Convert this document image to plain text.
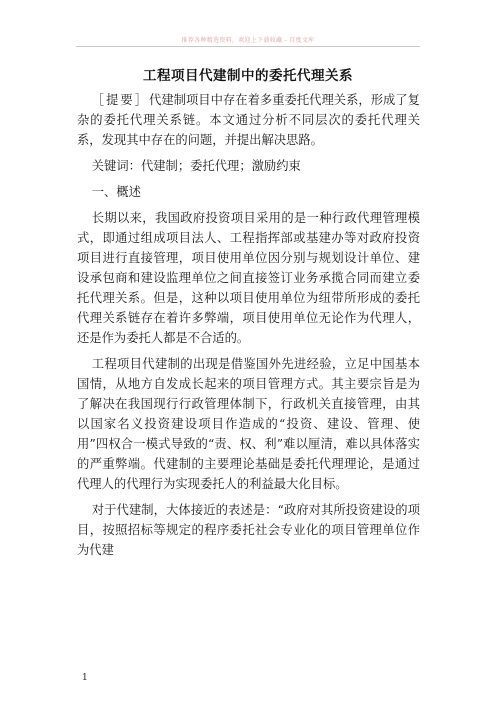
推荐各种精选资料，欢迎上下载收藏 - 百度文库
工程项目代建制中的委托代理关系

［提要］代建制项目中存在着多重委托代理关系，形成了复杂的委托代理关系链。本文通过分析不同层次的委托代理关系，发现其中存在的问题，并提出解决思路。

关键词：代建制；委托代理；激励约束

一、概述

长期以来，我国政府投资项目采用的是一种行政代理管理模式，即通过组成项目法人、工程指挥部或基建办等对政府投资项目进行直接管理，项目使用单位因分别与规划设计单位、建设承包商和建设监理单位之间直接签订业务承揽合同而建立委托代理关系。但是，这种以项目使用单位为纽带所形成的委托代理关系链存在着许多弊端，项目使用单位无论作为代理人，还是作为委托人都是不合适的。

工程项目代建制的出现是借鉴国外先进经验，立足中国基本国情，从地方自发成长起来的项目管理方式。其主要宗旨是为了解决在我国现行行政管理体制下，行政机关直接管理，由其以国家名义投资建设项目作造成的“投资、建设、管理、使用”四权合一模式导致的“责、权、利”难以厘清，难以具体落实的严重弊端。代建制的主要理论基础是委托代理理论，是通过代理人的代理行为实现委托人的利益最大化目标。

对于代建制，大体接近的表述是：“政府对其所投资建设的项目，按照招标等规定的程序委托社会专业化的项目管理单位作为代建

1
